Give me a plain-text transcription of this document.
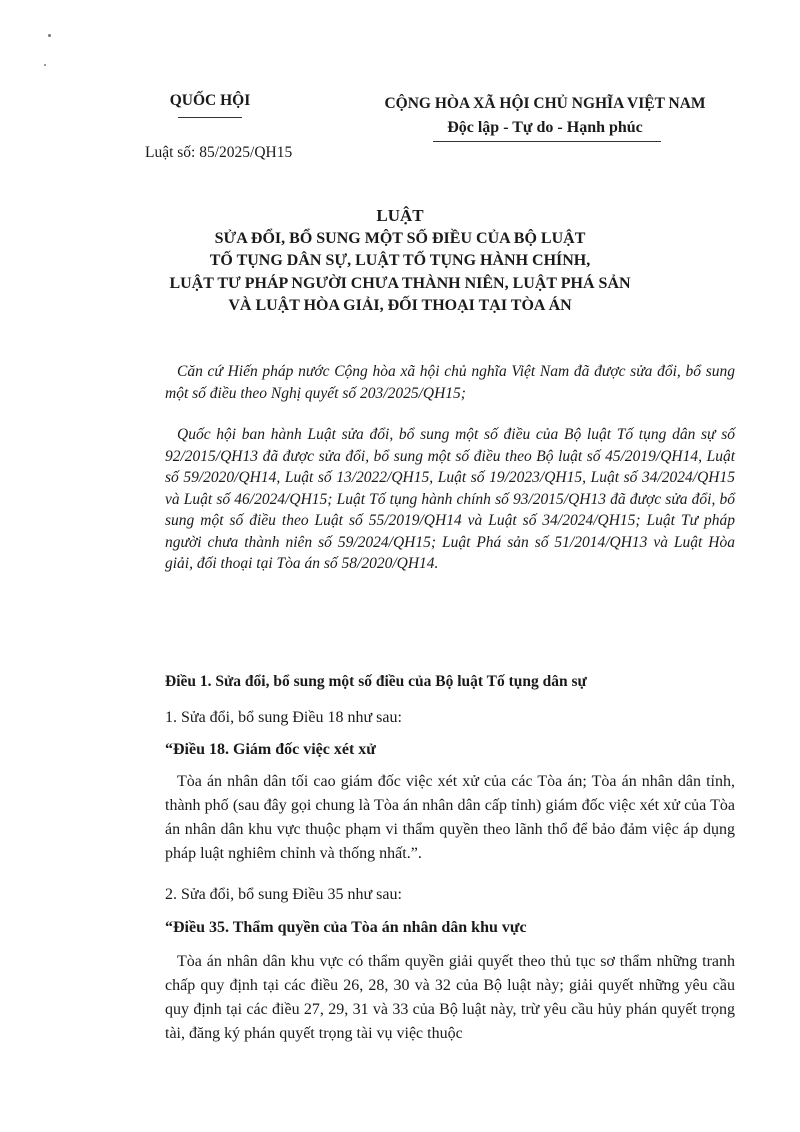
QUỐC HỘI	CỘNG HÒA XÃ HỘI CHỦ NGHĨA VIỆT NAM
Độc lập - Tự do - Hạnh phúc
Luật số: 85/2025/QH15
LUẬT
SỬA ĐỔI, BỔ SUNG MỘT SỐ ĐIỀU CỦA BỘ LUẬT
TỐ TỤNG DÂN SỰ, LUẬT TỐ TỤNG HÀNH CHÍNH,
LUẬT TƯ PHÁP NGƯỜI CHƯA THÀNH NIÊN, LUẬT PHÁ SẢN
VÀ LUẬT HÒA GIẢI, ĐỐI THOẠI TẠI TÒA ÁN
Căn cứ Hiến pháp nước Cộng hòa xã hội chủ nghĩa Việt Nam đã được sửa đổi, bổ sung một số điều theo Nghị quyết số 203/2025/QH15;
Quốc hội ban hành Luật sửa đổi, bổ sung một số điều của Bộ luật Tố tụng dân sự số 92/2015/QH13 đã được sửa đổi, bổ sung một số điều theo Bộ luật số 45/2019/QH14, Luật số 59/2020/QH14, Luật số 13/2022/QH15, Luật số 19/2023/QH15, Luật số 34/2024/QH15 và Luật số 46/2024/QH15; Luật Tố tụng hành chính số 93/2015/QH13 đã được sửa đổi, bổ sung một số điều theo Luật số 55/2019/QH14 và Luật số 34/2024/QH15; Luật Tư pháp người chưa thành niên số 59/2024/QH15; Luật Phá sản số 51/2014/QH13 và Luật Hòa giải, đối thoại tại Tòa án số 58/2020/QH14.
Điều 1. Sửa đổi, bổ sung một số điều của Bộ luật Tố tụng dân sự
1. Sửa đổi, bổ sung Điều 18 như sau:
“Điều 18. Giám đốc việc xét xử
Tòa án nhân dân tối cao giám đốc việc xét xử của các Tòa án; Tòa án nhân dân tỉnh, thành phố (sau đây gọi chung là Tòa án nhân dân cấp tỉnh) giám đốc việc xét xử của Tòa án nhân dân khu vực thuộc phạm vi thẩm quyền theo lãnh thổ để bảo đảm việc áp dụng pháp luật nghiêm chỉnh và thống nhất.”.
2. Sửa đổi, bổ sung Điều 35 như sau:
“Điều 35. Thẩm quyền của Tòa án nhân dân khu vực
Tòa án nhân dân khu vực có thẩm quyền giải quyết theo thủ tục sơ thẩm những tranh chấp quy định tại các điều 26, 28, 30 và 32 của Bộ luật này; giải quyết những yêu cầu quy định tại các điều 27, 29, 31 và 33 của Bộ luật này, trừ yêu cầu hủy phán quyết trọng tài, đăng ký phán quyết trọng tài vụ việc thuộc
